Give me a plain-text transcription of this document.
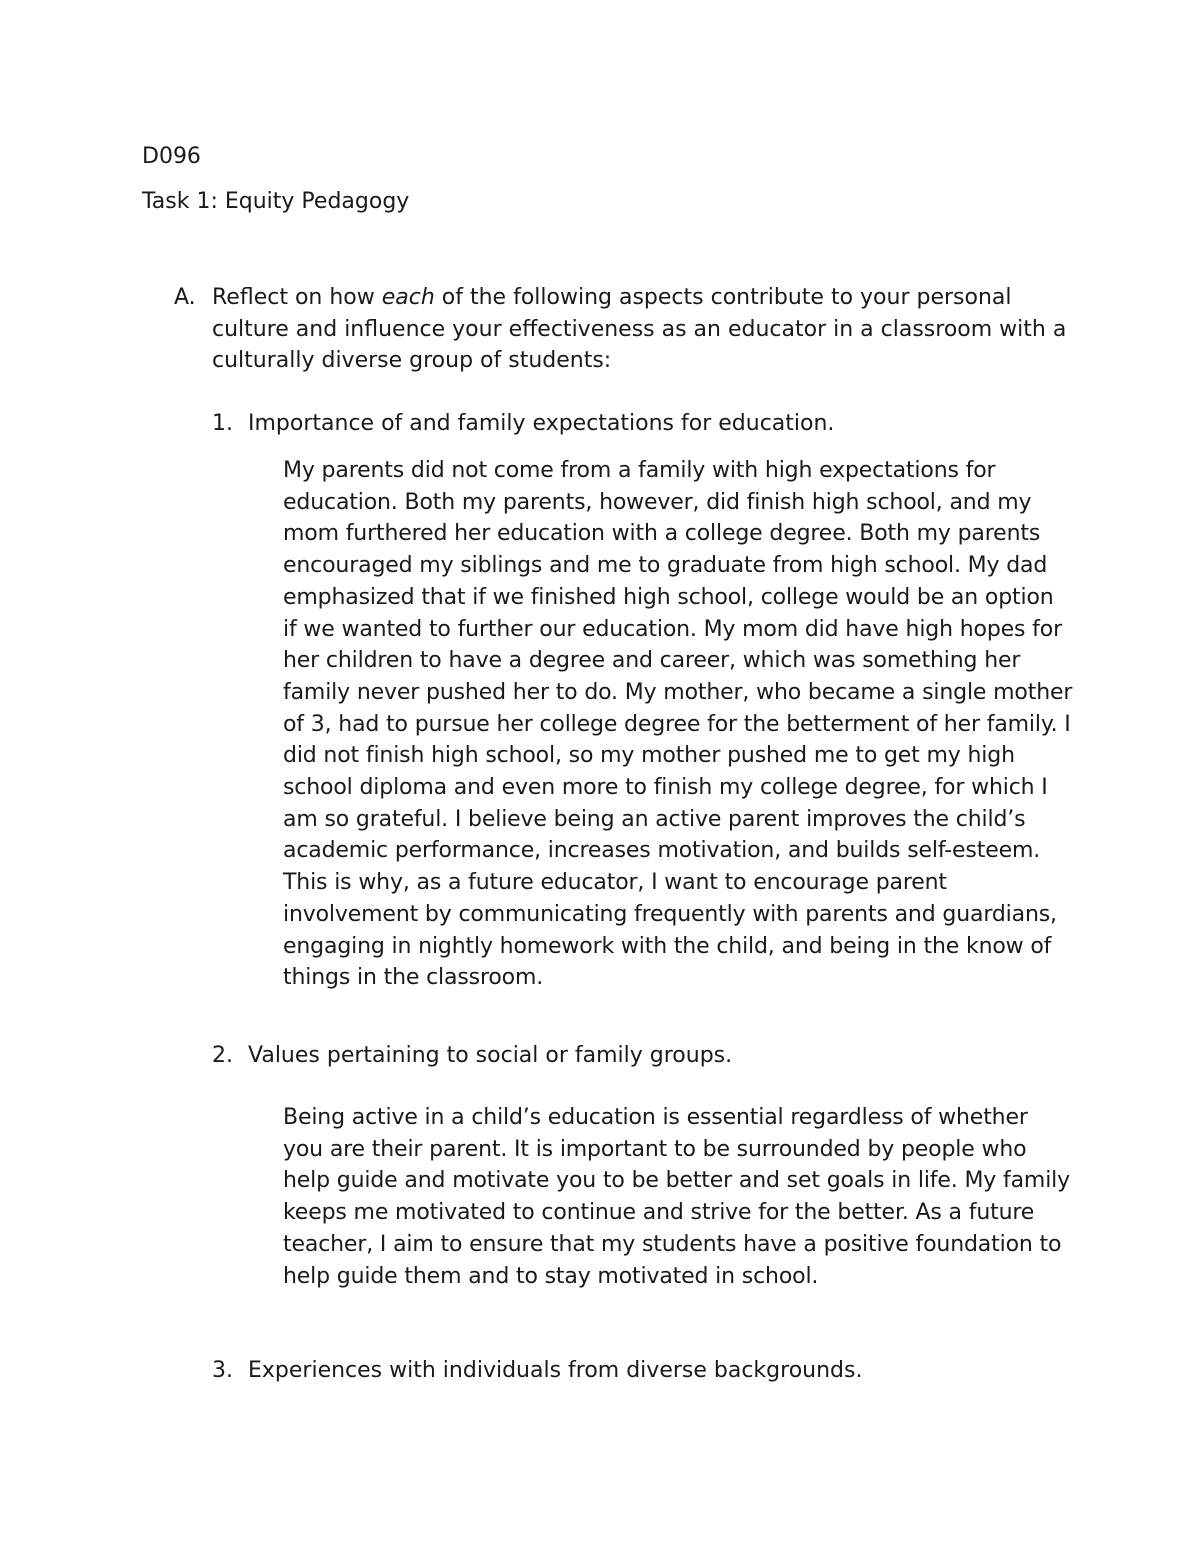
D096
Task 1: Equity Pedagogy
A. Reflect on how each of the following aspects contribute to your personal culture and influence your effectiveness as an educator in a classroom with a culturally diverse group of students:

1. Importance of and family expectations for education.

My parents did not come from a family with high expectations for education. Both my parents, however, did finish high school, and my mom furthered her education with a college degree. Both my parents encouraged my siblings and me to graduate from high school. My dad emphasized that if we finished high school, college would be an option if we wanted to further our education. My mom did have high hopes for her children to have a degree and career, which was something her family never pushed her to do. My mother, who became a single mother of 3, had to pursue her college degree for the betterment of her family. I did not finish high school, so my mother pushed me to get my high school diploma and even more to finish my college degree, for which I am so grateful. I believe being an active parent improves the child’s academic performance, increases motivation, and builds self-esteem. This is why, as a future educator, I want to encourage parent involvement by communicating frequently with parents and guardians, engaging in nightly homework with the child, and being in the know of things in the classroom.

2. Values pertaining to social or family groups.

Being active in a child’s education is essential regardless of whether you are their parent. It is important to be surrounded by people who help guide and motivate you to be better and set goals in life. My family keeps me motivated to continue and strive for the better. As a future teacher, I aim to ensure that my students have a positive foundation to help guide them and to stay motivated in school.

3. Experiences with individuals from diverse backgrounds.
